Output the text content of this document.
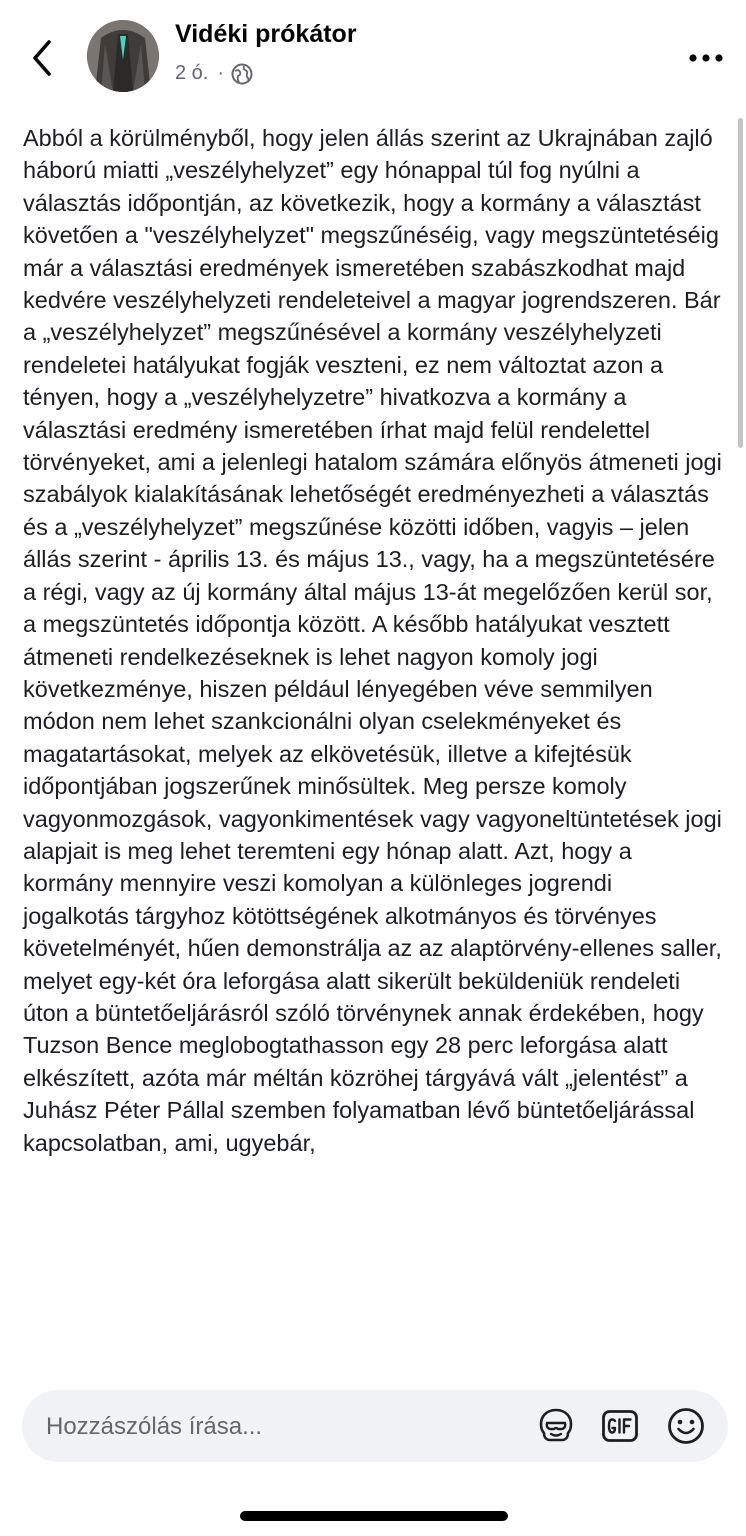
Vidéki prókátor
2 ó. ·
Abból a körülményből, hogy jelen állás szerint az Ukrajnában zajló háború miatti „veszélyhelyzet” egy hónappal túl fog nyúlni a választás időpontján, az következik, hogy a kormány a választást követően a "veszélyhelyzet" megszűnéséig, vagy megszüntetéséig már a választási eredmények ismeretében szabászkodhat majd kedvére veszélyhelyzeti rendeleteivel a magyar jogrendszeren. Bár a „veszélyhelyzet” megszűnésével a kormány veszélyhelyzeti rendeletei hatályukat fogják veszteni, ez nem változtat azon a tényen, hogy a „veszélyhelyzetre” hivatkozva a kormány a választási eredmény ismeretében írhat majd felül rendelettel törvényeket, ami a jelenlegi hatalom számára előnyös átmeneti jogi szabályok kialakításának lehetőségét eredményezheti a választás és a „veszélyhelyzet” megszűnése közötti időben, vagyis – jelen állás szerint - április 13. és május 13., vagy, ha a megszüntetésére a régi, vagy az új kormány által május 13-át megelőzően kerül sor, a megszüntetés időpontja között. A később hatályukat vesztett átmeneti rendelkezéseknek is lehet nagyon komoly jogi következménye, hiszen például lényegében véve semmilyen módon nem lehet szankcionálni olyan cselekményeket és magatartásokat, melyek az elkövetésük, illetve a kifejtésük időpontjában jogszerűnek minősültek. Meg persze komoly vagyonmozgások, vagyonkimentések vagy vagyoneltüntetések jogi alapjait is meg lehet teremteni egy hónap alatt. Azt, hogy a kormány mennyire veszi komolyan a különleges jogrendi jogalkotás tárgyhoz kötöttségének alkotmányos és törvényes követelményét, hűen demonstrálja az az alaptörvény-ellenes saller, melyet egy-két óra leforgása alatt sikerült beküldeniük rendeleti úton a büntetőeljárásról szóló törvénynek annak érdekében, hogy Tuzson Bence meglobogtathasson egy 28 perc leforgása alatt elkészített, azóta már méltán közröhej tárgyává vált „jelentést” a Juhász Péter Pállal szemben folyamatban lévő büntetőeljárással kapcsolatban, ami, ugyebár,
Hozzászólás írása...
